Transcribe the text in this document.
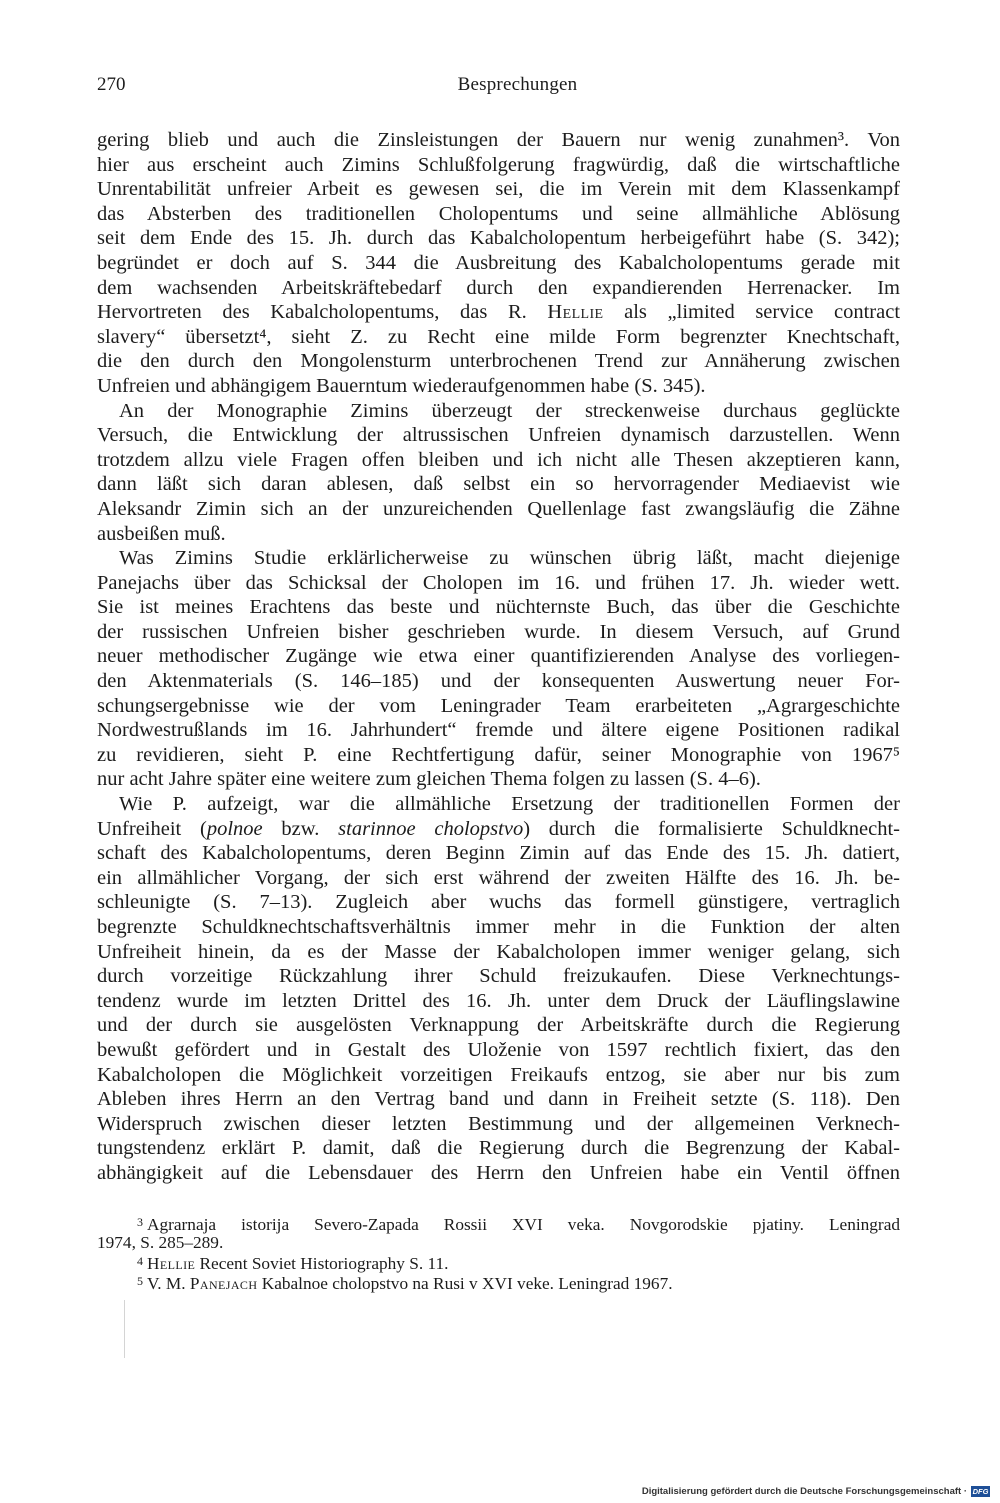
270	Besprechungen
gering blieb und auch die Zinsleistungen der Bauern nur wenig zunahmen³. Von
hier aus erscheint auch Zimins Schlußfolgerung fragwürdig, daß die wirtschaftliche
Unrentabilität unfreier Arbeit es gewesen sei, die im Verein mit dem Klassenkampf
das Absterben des traditionellen Cholopentums und seine allmähliche Ablösung
seit dem Ende des 15. Jh. durch das Kabalcholopentum herbeigeführt habe (S. 342);
begründet er doch auf S. 344 die Ausbreitung des Kabalcholopentums gerade mit
dem wachsenden Arbeitskräftebedarf durch den expandierenden Herrenacker. Im
Hervortreten des Kabalcholopentums, das R. Hellie als „limited service contract
slavery“ übersetzt⁴, sieht Z. zu Recht eine milde Form begrenzter Knechtschaft,
die den durch den Mongolensturm unterbrochenen Trend zur Annäherung zwischen
Unfreien und abhängigem Bauerntum wiederaufgenommen habe (S. 345).
An der Monographie Zimins überzeugt der streckenweise durchaus geglückte
Versuch, die Entwicklung der altrussischen Unfreien dynamisch darzustellen. Wenn
trotzdem allzu viele Fragen offen bleiben und ich nicht alle Thesen akzeptieren kann,
dann läßt sich daran ablesen, daß selbst ein so hervorragender Mediaevist wie
Aleksandr Zimin sich an der unzureichenden Quellenlage fast zwangsläufig die Zähne
ausbeißen muß.
Was Zimins Studie erklärlicherweise zu wünschen übrig läßt, macht diejenige
Panejachs über das Schicksal der Cholopen im 16. und frühen 17. Jh. wieder wett.
Sie ist meines Erachtens das beste und nüchternste Buch, das über die Geschichte
der russischen Unfreien bisher geschrieben wurde. In diesem Versuch, auf Grund
neuer methodischer Zugänge wie etwa einer quantifizierenden Analyse des vorliegen-
den Aktenmaterials (S. 146–185) und der konsequenten Auswertung neuer For-
schungsergebnisse wie der vom Leningrader Team erarbeiteten „Agrargeschichte
Nordwestrußlands im 16. Jahrhundert“ fremde und ältere eigene Positionen radikal
zu revidieren, sieht P. eine Rechtfertigung dafür, seiner Monographie von 1967⁵
nur acht Jahre später eine weitere zum gleichen Thema folgen zu lassen (S. 4–6).
Wie P. aufzeigt, war die allmähliche Ersetzung der traditionellen Formen der
Unfreiheit (polnoe bzw. starinnoe cholopstvo) durch die formalisierte Schuldknecht-
schaft des Kabalcholopentums, deren Beginn Zimin auf das Ende des 15. Jh. datiert,
ein allmählicher Vorgang, der sich erst während der zweiten Hälfte des 16. Jh. be-
schleunigte (S. 7–13). Zugleich aber wuchs das formell günstigere, vertraglich
begrenzte Schuldknechtschaftsverhältnis immer mehr in die Funktion der alten
Unfreiheit hinein, da es der Masse der Kabalcholopen immer weniger gelang, sich
durch vorzeitige Rückzahlung ihrer Schuld freizukaufen. Diese Verknechtungs-
tendenz wurde im letzten Drittel des 16. Jh. unter dem Druck der Läuflingslawine
und der durch sie ausgelösten Verknappung der Arbeitskräfte durch die Regierung
bewußt gefördert und in Gestalt des Uloženie von 1597 rechtlich fixiert, das den
Kabalcholopen die Möglichkeit vorzeitigen Freikaufs entzog, sie aber nur bis zum
Ableben ihres Herrn an den Vertrag band und dann in Freiheit setzte (S. 118). Den
Widerspruch zwischen dieser letzten Bestimmung und der allgemeinen Verknech-
tungstendenz erklärt P. damit, daß die Regierung durch die Begrenzung der Kabal-
abhängigkeit auf die Lebensdauer des Herrn den Unfreien habe ein Ventil öffnen
$^3$ Agrarnaja istorija Severo-Zapada Rossii XVI veka. Novgorodskie pjatiny. Leningrad
1974, S. 285–289.
$^4$ Hellie Recent Soviet Historiography S. 11.
$^5$ V. M. Panejach Kabalnoe cholopstvo na Rusi v XVI veke. Leningrad 1967.
Digitalisierung gefördert durch die Deutsche Forschungsgemeinschaft · DFG
